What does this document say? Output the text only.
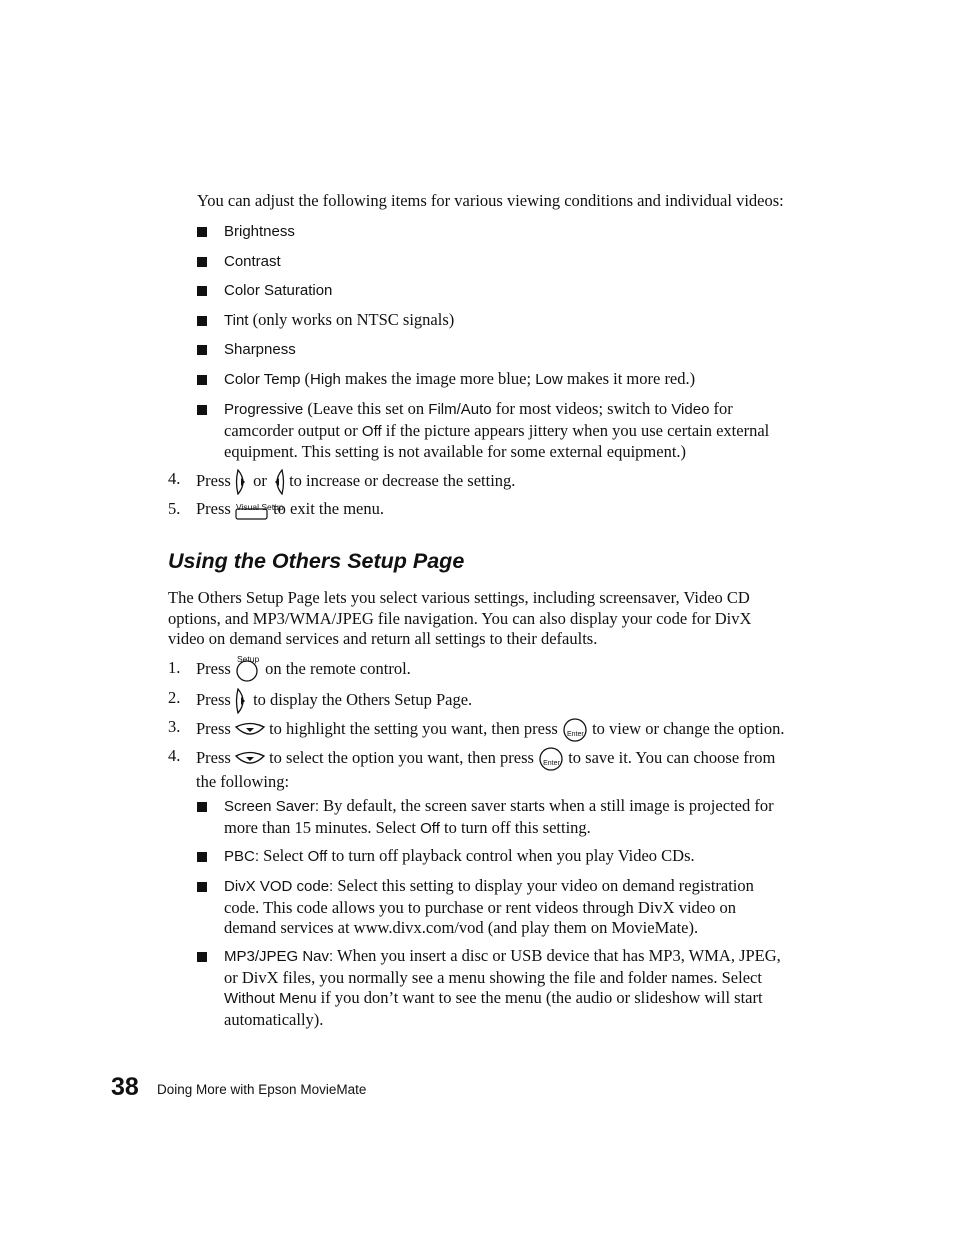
You can adjust the following items for various viewing conditions and individual videos:

Brightness
Contrast
Color Saturation
Tint (only works on NTSC signals)
Sharpness
Color Temp (High makes the image more blue; Low makes it more red.)
Progressive (Leave this set on Film/Auto for most videos; switch to Video for camcorder output or Off if the picture appears jittery when you use certain external equipment. This setting is not available for some external equipment.)
4. Press or to increase or decrease the setting.
5. Press Visual Setup
to exit the menu.
Using the Others Setup Page

The Others Setup Page lets you select various settings, including screensaver, Video CD options, and MP3/WMA/JPEG file navigation. You can also display your code for DivX video on demand services and return all settings to their defaults.

1. Press Setup on the remote control.
2. Press to display the Others Setup Page.
3. Press to highlight the setting you want, then press Enter to view or change the option.
4. Press to select the option you want, then press Enter to save it. You can choose from the following:
Screen Saver: By default, the screen saver starts when a still image is projected for more than 15 minutes. Select Off to turn off this setting.
PBC: Select Off to turn off playback control when you play Video CDs.
DivX VOD code: Select this setting to display your video on demand registration code. This code allows you to purchase or rent videos through DivX video on demand services at www.divx.com/vod (and play them on MovieMate).
MP3/JPEG Nav: When you insert a disc or USB device that has MP3, WMA, JPEG, or DivX files, you normally see a menu showing the file and folder names. Select Without Menu if you don’t want to see the menu (the audio or slideshow will start automatically).
38 Doing More with Epson MovieMate
